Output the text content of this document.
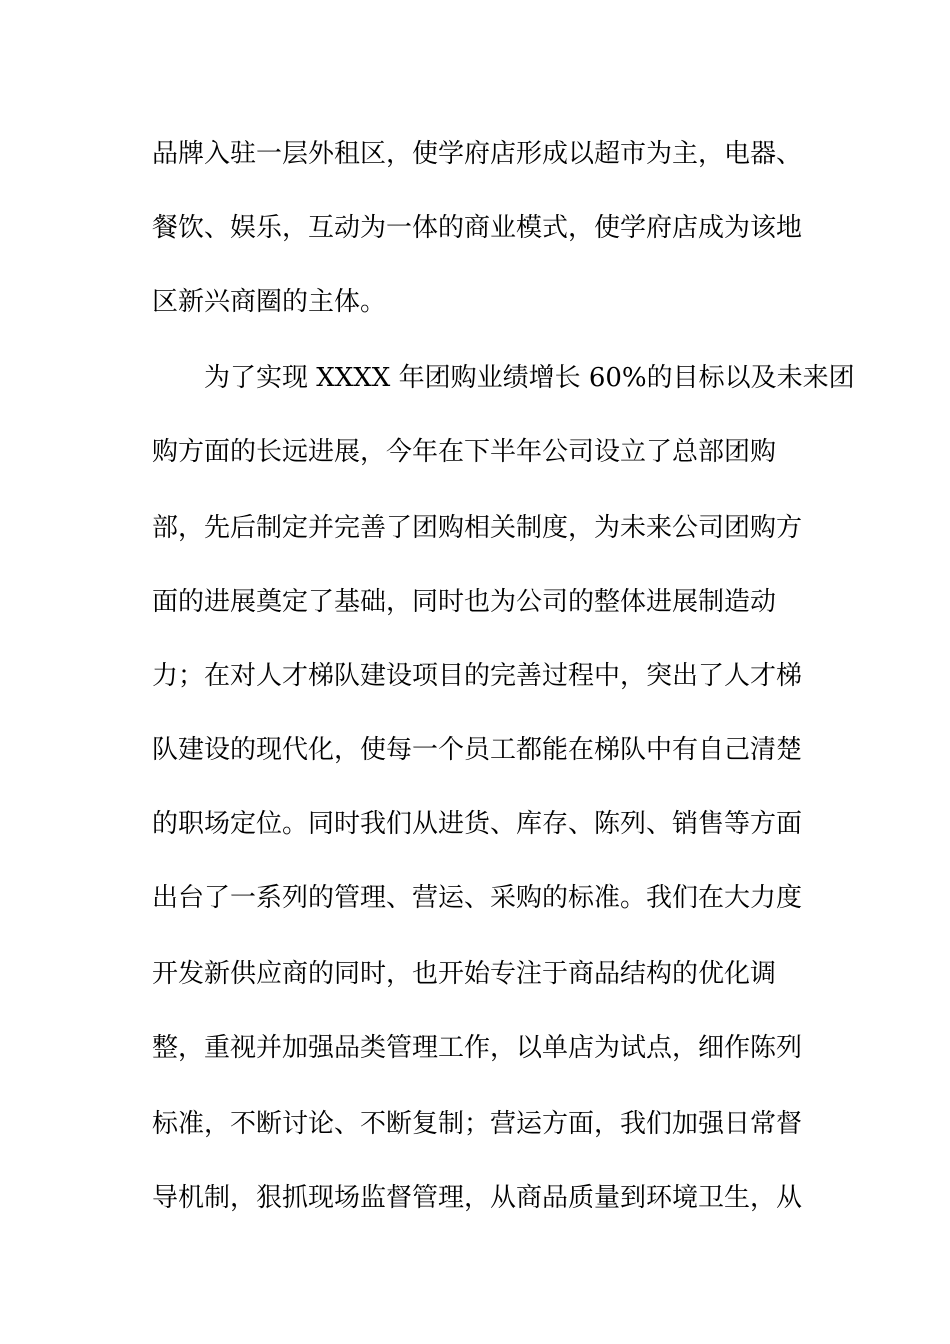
品牌入驻一层外租区，使学府店形成以超市为主，电器、
餐饮、娱乐，互动为一体的商业模式，使学府店成为该地
区新兴商圈的主体。
为了实现 XXXX 年团购业绩增长 60%的目标以及未来团
购方面的长远进展，今年在下半年公司设立了总部团购
部，先后制定并完善了团购相关制度，为未来公司团购方
面的进展奠定了基础，同时也为公司的整体进展制造动
力；在对人才梯队建设项目的完善过程中，突出了人才梯
队建设的现代化，使每一个员工都能在梯队中有自己清楚
的职场定位。同时我们从进货、库存、陈列、销售等方面
出台了一系列的管理、营运、采购的标准。我们在大力度
开发新供应商的同时，也开始专注于商品结构的优化调
整，重视并加强品类管理工作，以单店为试点，细作陈列
标准，不断讨论、不断复制；营运方面，我们加强日常督
导机制，狠抓现场监督管理，从商品质量到环境卫生，从
